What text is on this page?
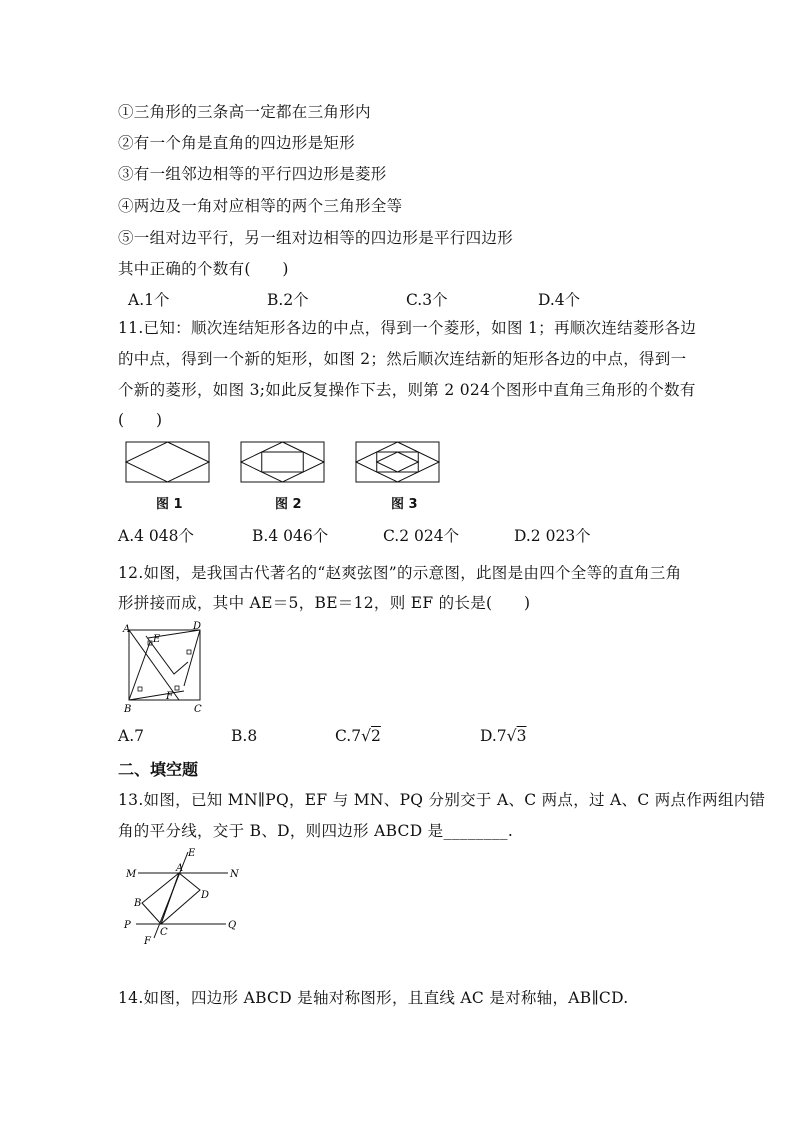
①三角形的三条高一定都在三角形内
②有一个角是直角的四边形是矩形
③有一组邻边相等的平行四边形是菱形
④两边及一角对应相等的两个三角形全等
⑤一组对边平行，另一组对边相等的四边形是平行四边形
其中正确的个数有(　　)
A.1个	B.2个	C.3个	D.4个
11.已知：顺次连结矩形各边的中点，得到一个菱形，如图 1；再顺次连结菱形各边
的中点，得到一个新的矩形，如图 2；然后顺次连结新的矩形各边的中点，得到一
个新的菱形，如图 3;如此反复操作下去，则第 2 024个图形中直角三角形的个数有
(　　)
图 1	图 2	图 3
A.4 048个	B.4 046个	C.2 024个	D.2 023个
12.如图，是我国古代著名的“赵爽弦图”的示意图，此图是由四个全等的直角三角
形拼接而成，其中 AE＝5，BE＝12，则 EF 的长是(　　)
A	D
E
F
B	C
A.7	B.8	C.7√2	D.7√3
二、填空题
13.如图，已知 MN∥PQ，EF 与 MN、PQ 分别交于 A、C 两点，过 A、C 两点作两组内错
角的平分线，交于 B、D，则四边形 ABCD 是________.
M	N
P	Q
E
F
A
B
C
D
14.如图，四边形 ABCD 是轴对称图形，且直线 AC 是对称轴，AB∥CD.
